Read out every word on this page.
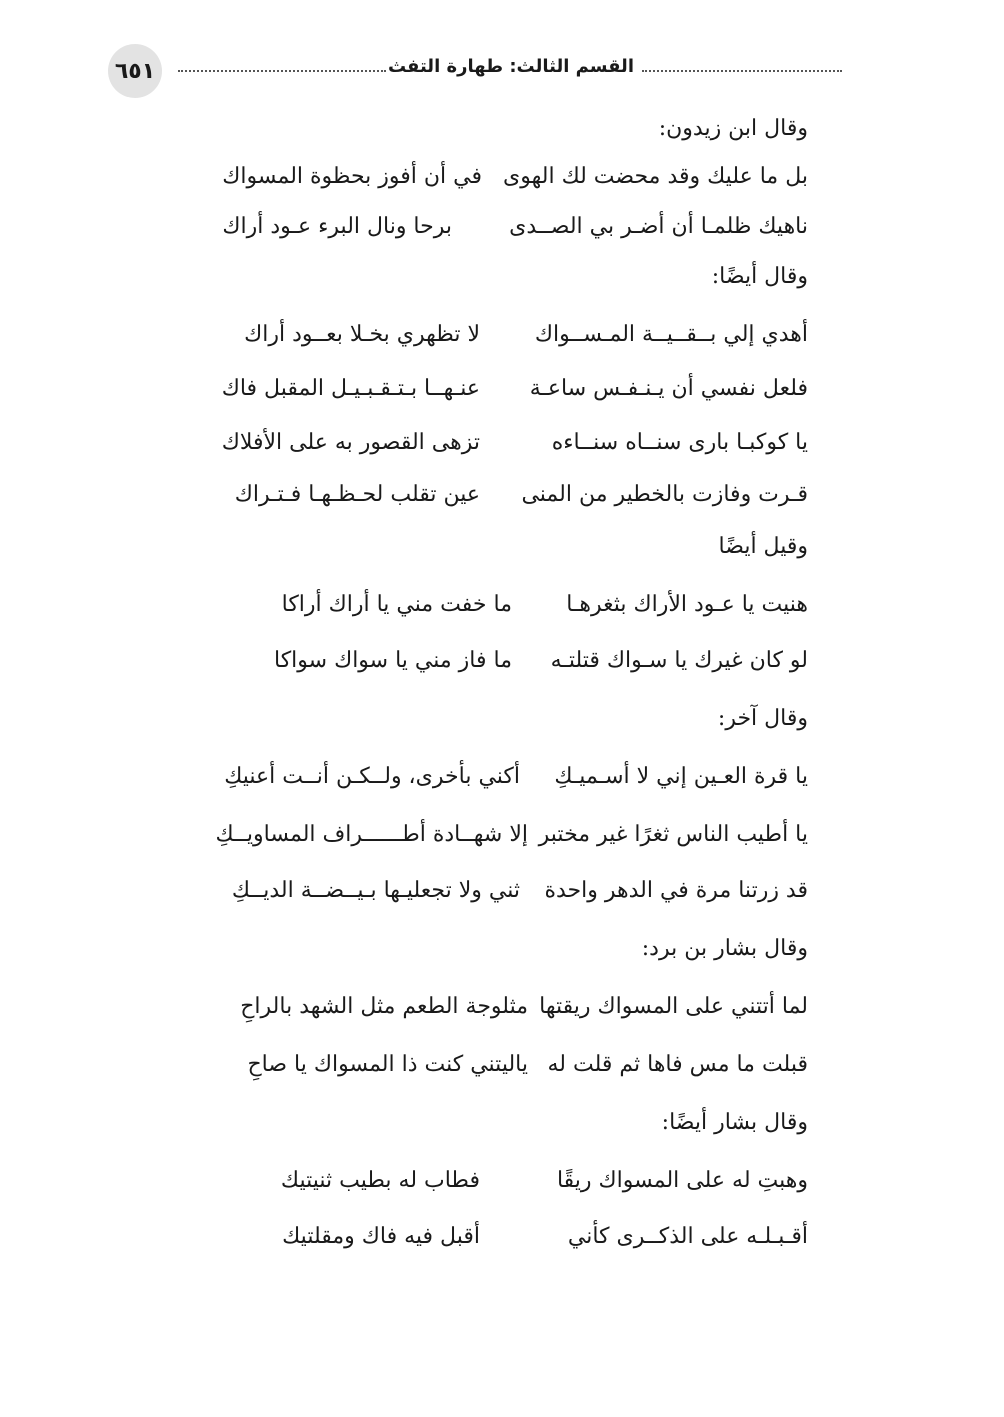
٦٥١	القسم الثالث: طهارة التفث
وقال ابن زيدون:
بل ما عليك وقد محضت لك الهوى
في أن أفوز بحظوة المسواك
ناهيك ظلمـا أن أضـر بي الصــدى
برحا ونال البرء عـود أراك
وقال أيضًا:
أهدي إلي بــقــيــة المـســواك
لا تظهري بخـلا بعــود أراك
فلعل نفسي أن يـنـفـس ساعـة
عنـهــا بـتـقـبـيـل المقبل فاك
يا كوكبـا بارى سنــاه سنــاءه
تزهى القصور به على الأفلاك
قـرت وفازت بالخطير من المنى
عين تقلب لحـظـهـا فـتـراك
وقيل أيضًا
هنيت يا عـود الأراك بثغرهـا
ما خفت مني يا أراك أراكا
لو كان غيرك يا سـواك قتلتـه
ما فاز مني يا سواك سواكا
وقال آخر:
يا قرة العـين إني لا أسـميـكِ
أكني بأخرى، ولــكـن أنــت أعنيكِ
يا أطيب الناس ثغرًا غير مختبر
إلا شهــادة أطــــــراف المساويــكِ
قد زرتنا مرة في الدهر واحدة
ثني ولا تجعليـها بـيــضــة الديــكِ
وقال بشار بن برد:
لما أتتني على المسواك ريقتها
مثلوجة الطعم مثل الشهد بالراحِ
قبلت ما مس فاها ثم قلت له
ياليتني كنت ذا المسواك يا صاحِ
وقال بشار أيضًا:
وهبتِ له على المسواك ريقًا
فطاب له بطيب ثنيتيك
أقـبـلـه على الذكــرى كأني
أقبل فيه فاك ومقلتيك
